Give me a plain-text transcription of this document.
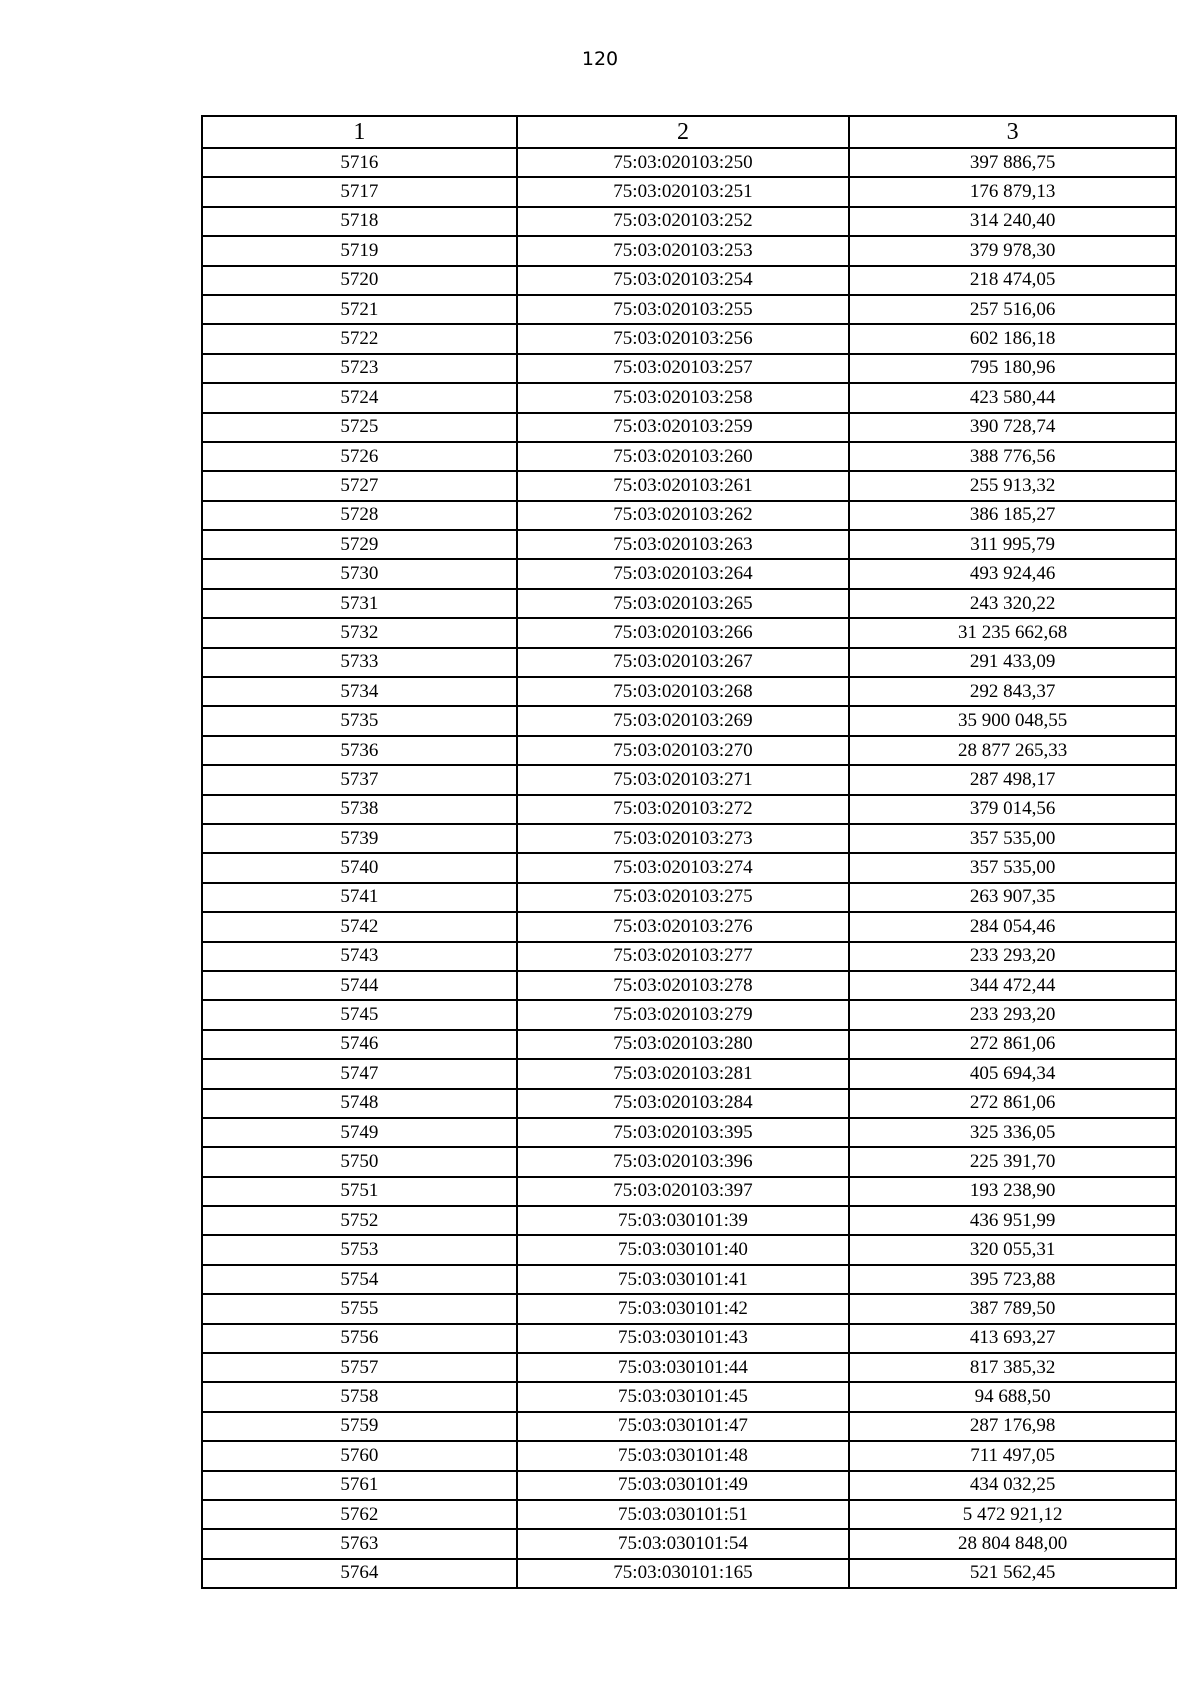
120
1	2	3
5716	75:03:020103:250	397 886,75
5717	75:03:020103:251	176 879,13
5718	75:03:020103:252	314 240,40
5719	75:03:020103:253	379 978,30
5720	75:03:020103:254	218 474,05
5721	75:03:020103:255	257 516,06
5722	75:03:020103:256	602 186,18
5723	75:03:020103:257	795 180,96
5724	75:03:020103:258	423 580,44
5725	75:03:020103:259	390 728,74
5726	75:03:020103:260	388 776,56
5727	75:03:020103:261	255 913,32
5728	75:03:020103:262	386 185,27
5729	75:03:020103:263	311 995,79
5730	75:03:020103:264	493 924,46
5731	75:03:020103:265	243 320,22
5732	75:03:020103:266	31 235 662,68
5733	75:03:020103:267	291 433,09
5734	75:03:020103:268	292 843,37
5735	75:03:020103:269	35 900 048,55
5736	75:03:020103:270	28 877 265,33
5737	75:03:020103:271	287 498,17
5738	75:03:020103:272	379 014,56
5739	75:03:020103:273	357 535,00
5740	75:03:020103:274	357 535,00
5741	75:03:020103:275	263 907,35
5742	75:03:020103:276	284 054,46
5743	75:03:020103:277	233 293,20
5744	75:03:020103:278	344 472,44
5745	75:03:020103:279	233 293,20
5746	75:03:020103:280	272 861,06
5747	75:03:020103:281	405 694,34
5748	75:03:020103:284	272 861,06
5749	75:03:020103:395	325 336,05
5750	75:03:020103:396	225 391,70
5751	75:03:020103:397	193 238,90
5752	75:03:030101:39	436 951,99
5753	75:03:030101:40	320 055,31
5754	75:03:030101:41	395 723,88
5755	75:03:030101:42	387 789,50
5756	75:03:030101:43	413 693,27
5757	75:03:030101:44	817 385,32
5758	75:03:030101:45	94 688,50
5759	75:03:030101:47	287 176,98
5760	75:03:030101:48	711 497,05
5761	75:03:030101:49	434 032,25
5762	75:03:030101:51	5 472 921,12
5763	75:03:030101:54	28 804 848,00
5764	75:03:030101:165	521 562,45
